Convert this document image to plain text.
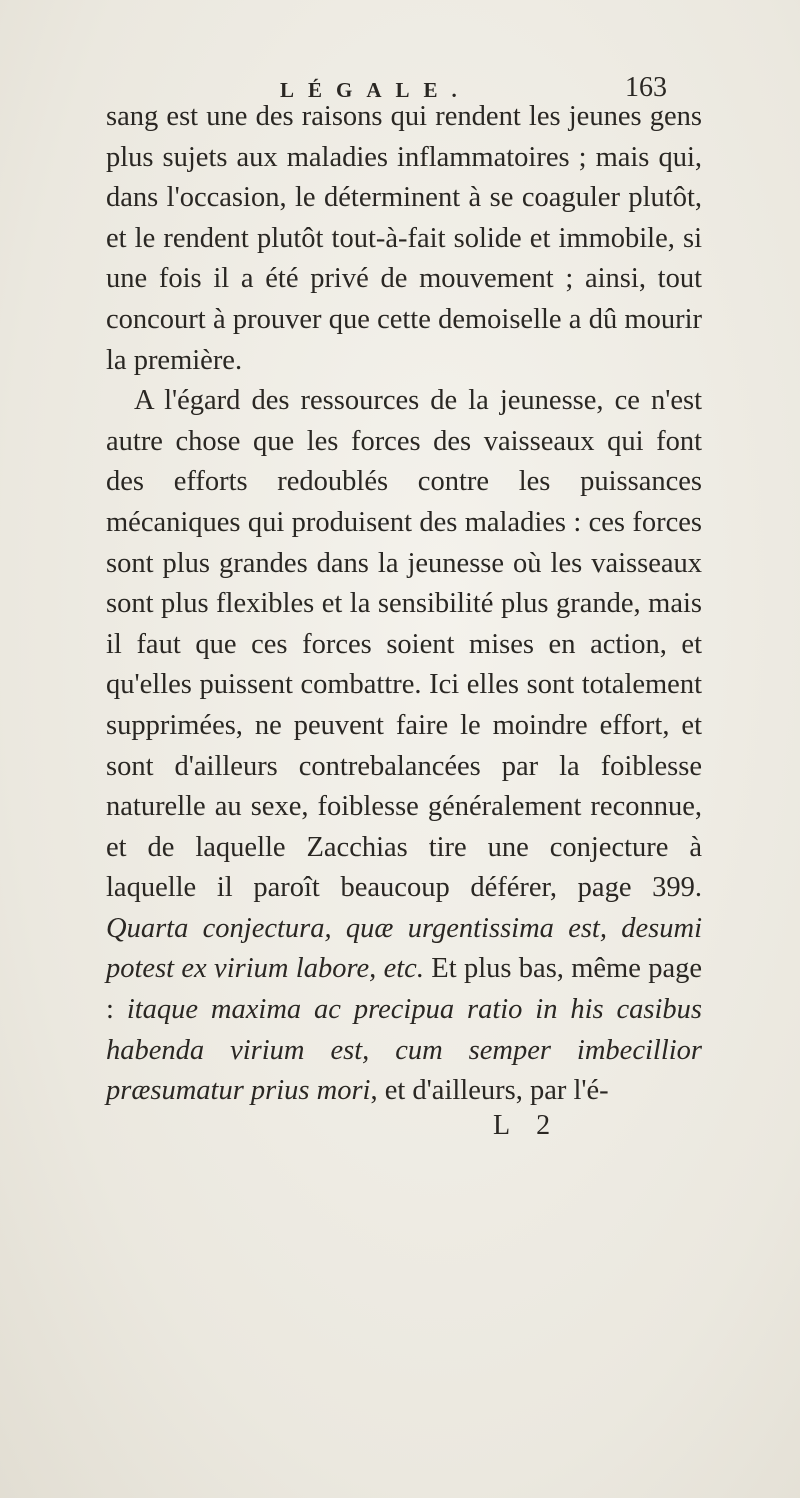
LÉGALE.	163

sang est une des raisons qui rendent les jeunes gens plus sujets aux maladies inflammatoires ; mais qui, dans l'occasion, le déterminent à se coaguler plutôt, et le rendent plutôt tout-à-fait solide et immobile, si une fois il a été privé de mouvement ; ainsi, tout concourt à prouver que cette demoiselle a dû mourir la première.

A l'égard des ressources de la jeunesse, ce n'est autre chose que les forces des vaisseaux qui font des efforts redoublés contre les puissances mécaniques qui produisent des maladies : ces forces sont plus grandes dans la jeunesse où les vaisseaux sont plus flexibles et la sensibilité plus grande, mais il faut que ces forces soient mises en action, et qu'elles puissent combattre. Ici elles sont totalement supprimées, ne peuvent faire le moindre effort, et sont d'ailleurs contrebalancées par la foiblesse naturelle au sexe, foiblesse généralement reconnue, et de laquelle Zacchias tire une conjecture à laquelle il paroît beaucoup déférer, page 399. Quarta conjectura, quæ urgentissima est, desumi potest ex virium labore, etc. Et plus bas, même page : itaque maxima ac precipua ratio in his casibus habenda virium est, cum semper imbecillior præsumatur prius mori, et d'ailleurs, par l'é-

L 2
